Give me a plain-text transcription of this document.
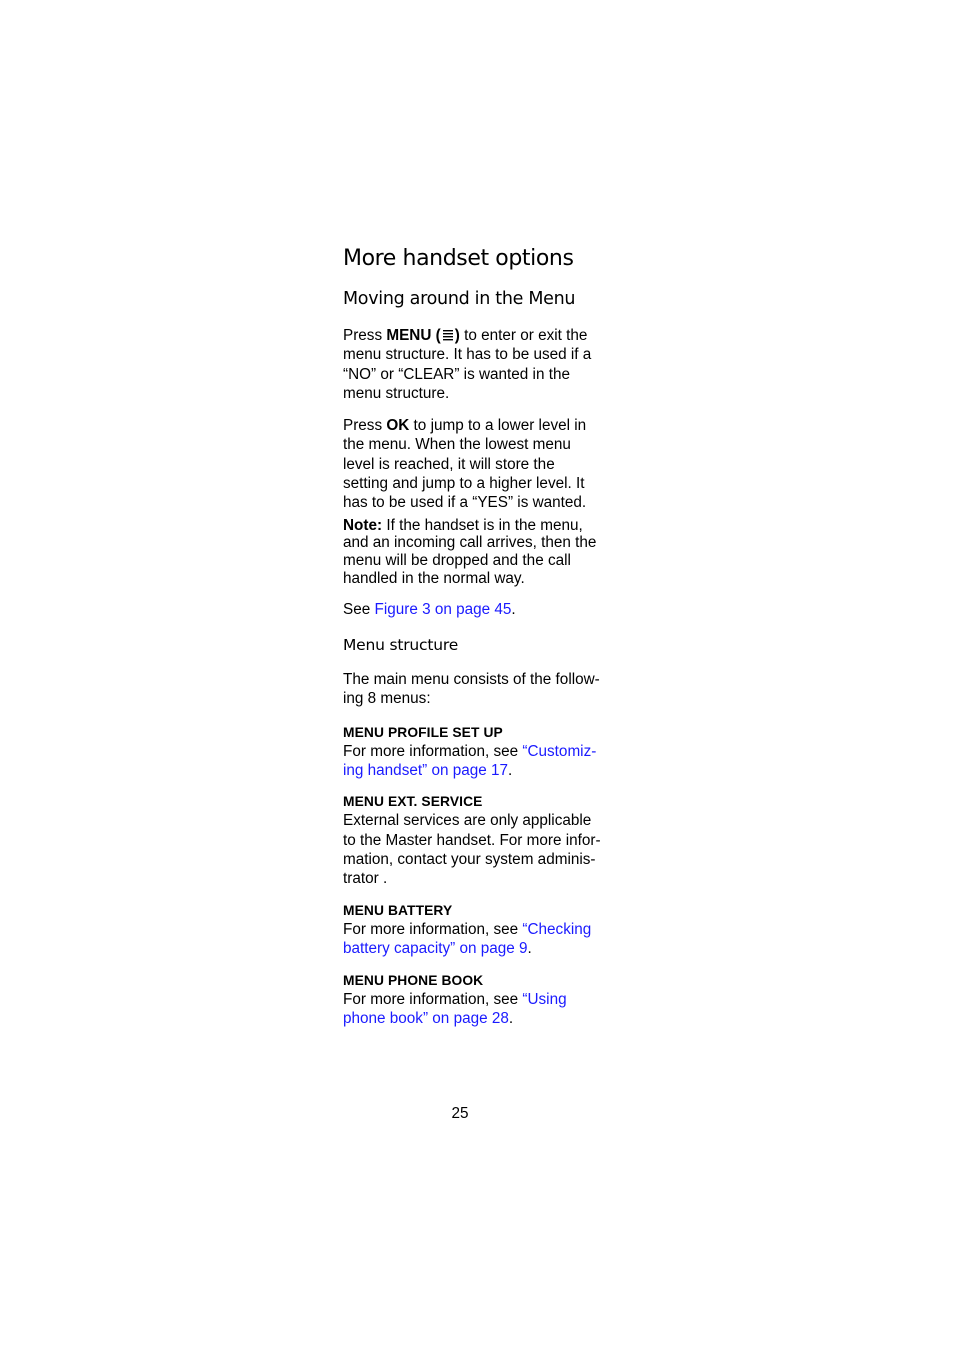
More handset options
Moving around in the Menu

Press MENU ( ) to enter or exit the
menu structure. It has to be used if a
“NO” or “CLEAR” is wanted in the
menu structure.

Press OK to jump to a lower level in
the menu. When the lowest menu
level is reached, it will store the
setting and jump to a higher level. It
has to be used if a “YES” is wanted.

Note: If the handset is in the menu,
and an incoming call arrives, then the
menu will be dropped and the call
handled in the normal way.

See Figure 3 on page 45.

Menu structure

The main menu consists of the follow-
ing 8 menus:

MENU PROFILE SET UP

For more information, see “Customiz-
ing handset” on page 17.

MENU EXT. SERVICE

External services are only applicable
to the Master handset. For more infor-
mation, contact your system adminis-
trator .

MENU BATTERY

For more information, see “Checking
battery capacity” on page 9.

MENU PHONE BOOK

For more information, see “Using
phone book” on page 28.

25
